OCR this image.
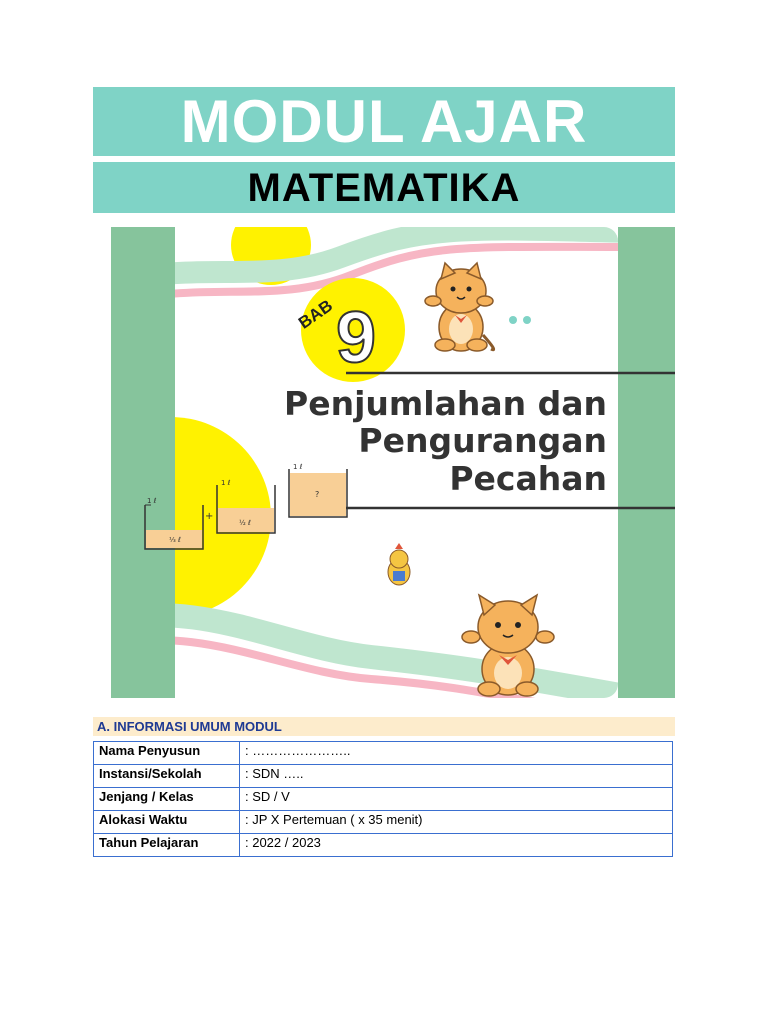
MODUL AJAR
MATEMATIKA
BAB 9
Penjumlahan dan
Pengurangan
Pecahan
1 ℓ
⅓ ℓ
+
1 ℓ
½ ℓ
1 ℓ
?
A. INFORMASI UMUM MODUL
Nama Penyusun	: …………………..
Instansi/Sekolah	: SDN …..
Jenjang / Kelas	: SD / V
Alokasi Waktu	: JP X Pertemuan ( x 35 menit)
Tahun Pelajaran	: 2022 / 2023
